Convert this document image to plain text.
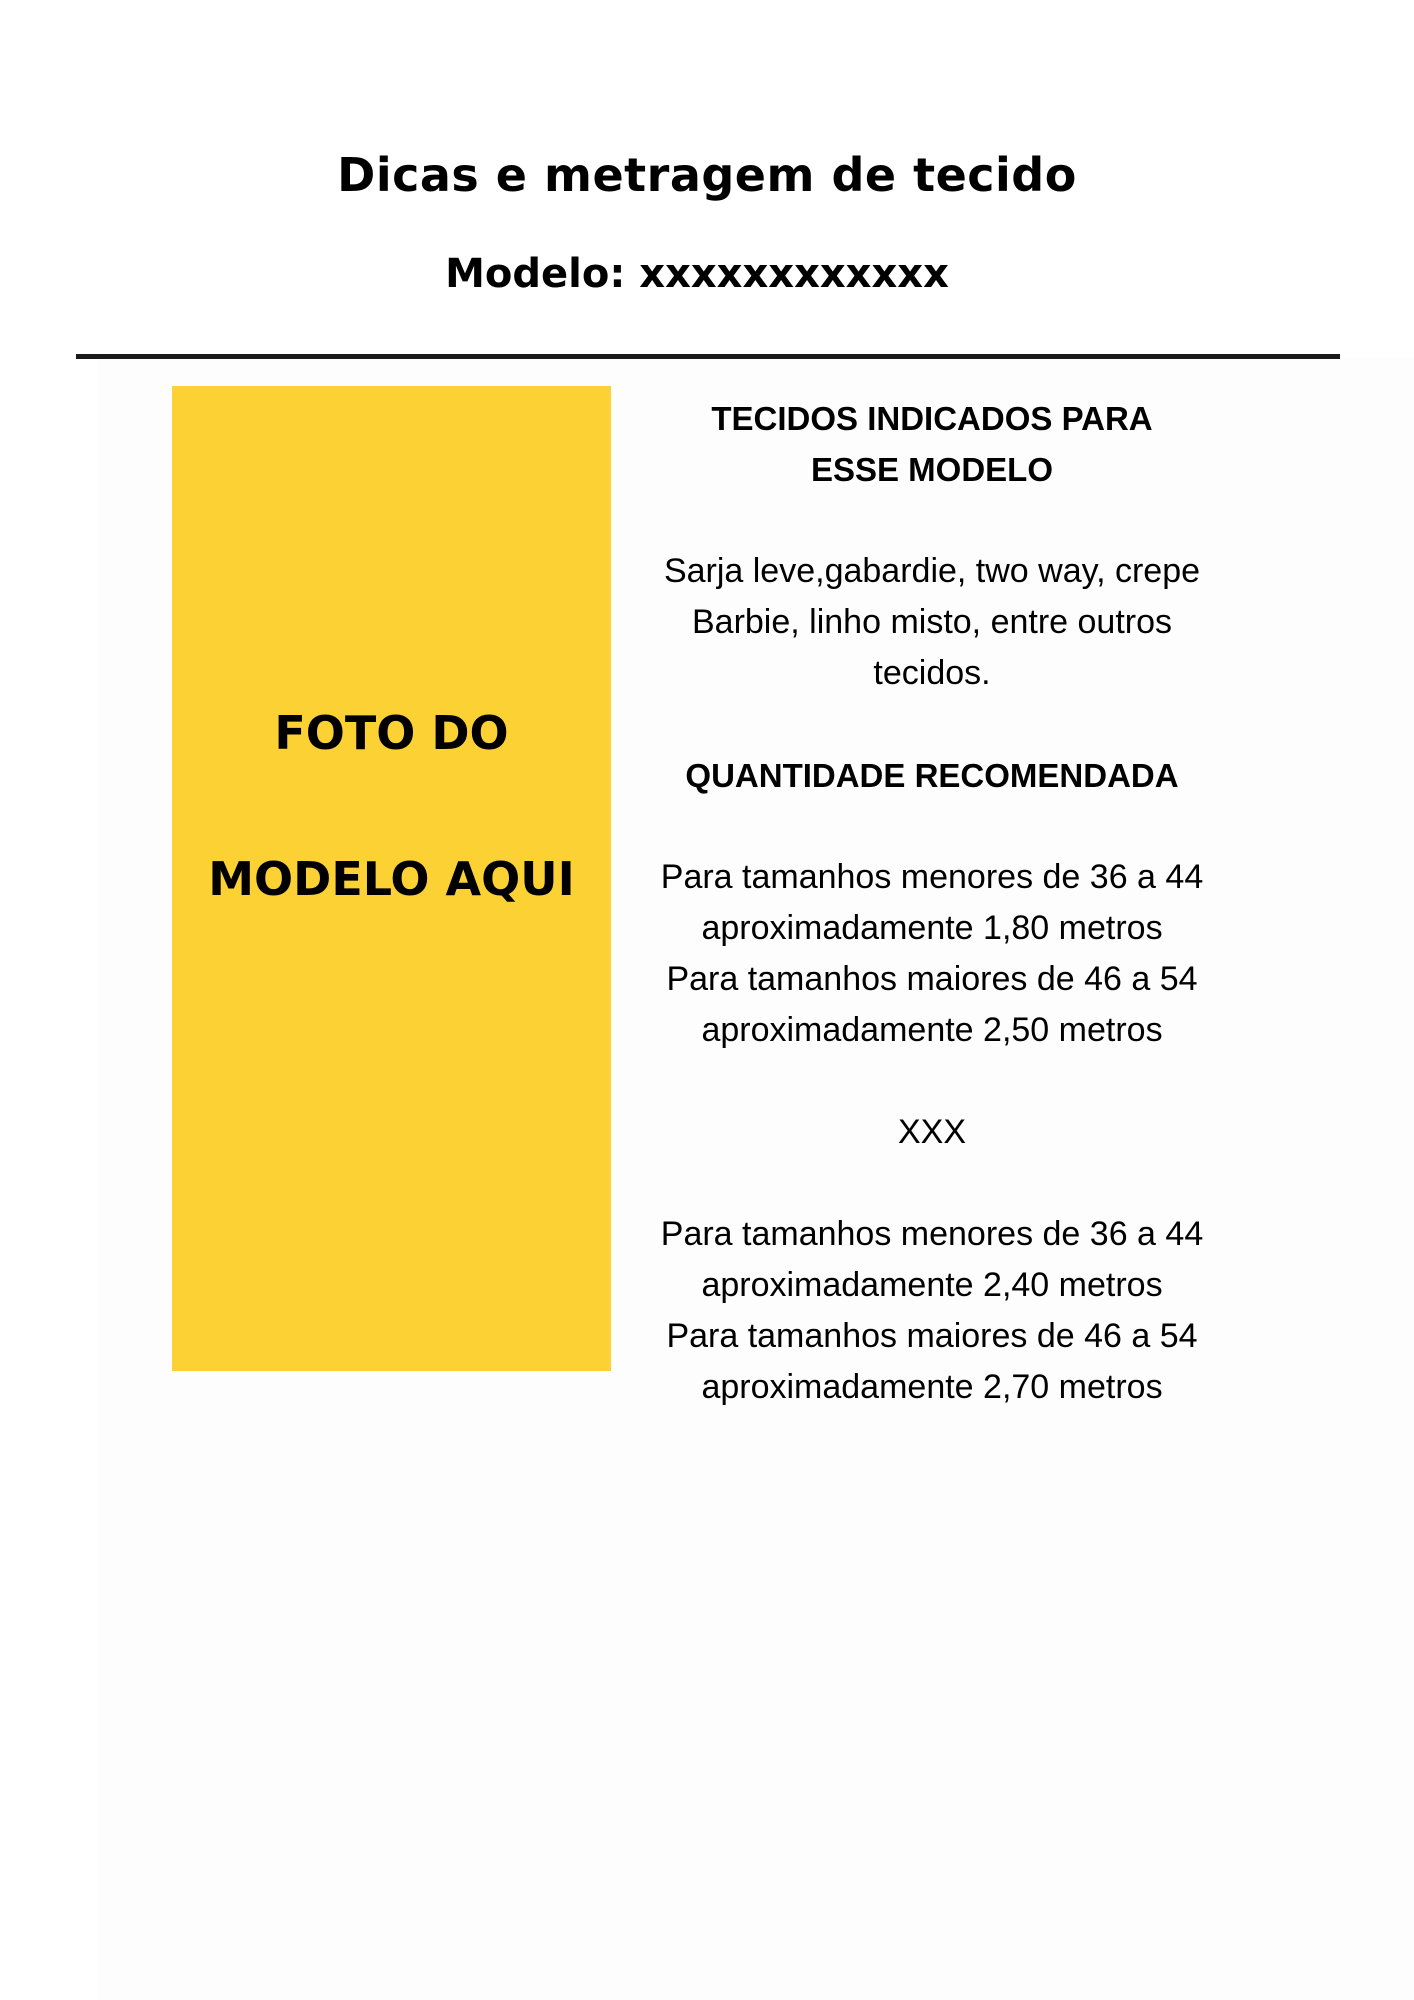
Dicas e metragem de tecido
Modelo: xxxxxxxxxxxx

FOTO DO

MODELO AQUI

TECIDOS INDICADOS PARA

ESSE MODELO

Sarja leve,gabardie, two way, crepe

Barbie, linho misto, entre outros

tecidos.

QUANTIDADE RECOMENDADA

Para tamanhos menores de 36 a 44

aproximadamente 1,80 metros

Para tamanhos maiores de 46 a 54

aproximadamente 2,50 metros

XXX

Para tamanhos menores de 36 a 44

aproximadamente 2,40 metros

Para tamanhos maiores de 46 a 54

aproximadamente 2,70 metros
